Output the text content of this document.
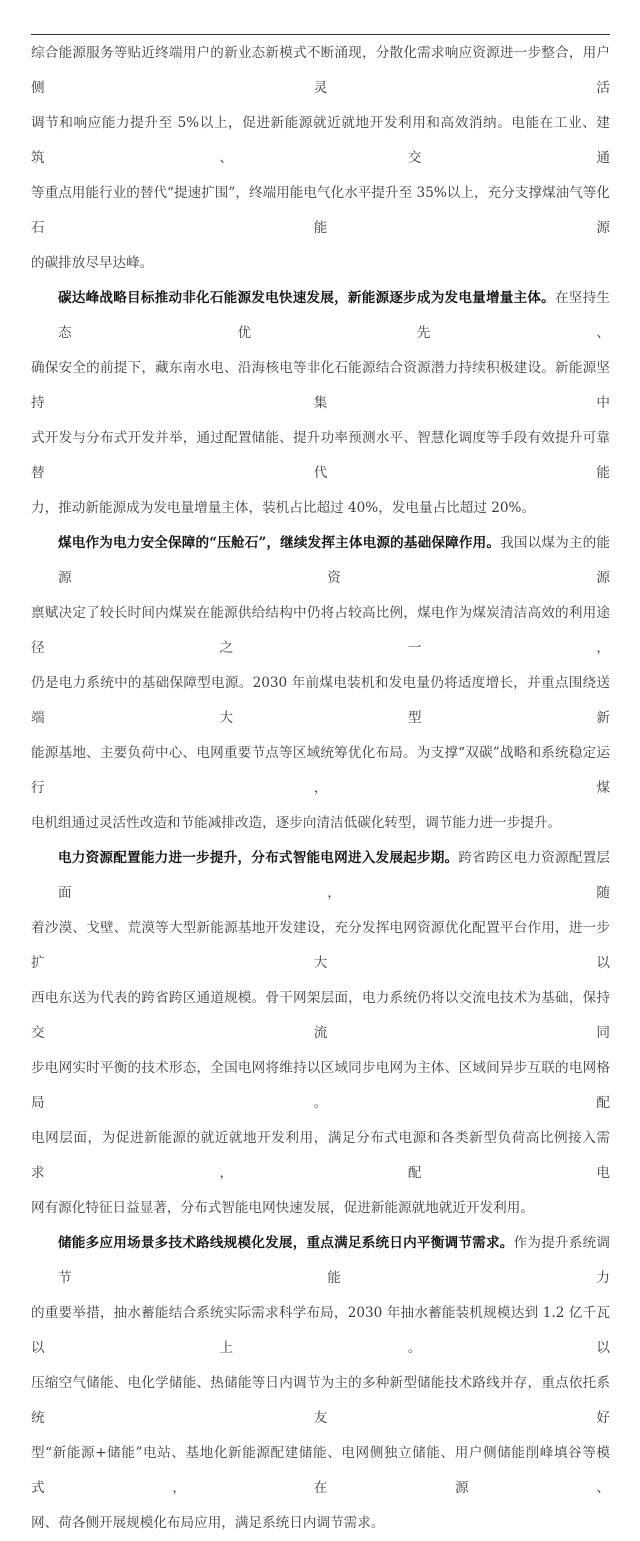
综合能源服务等贴近终端用户的新业态新模式不断涌现，分散化需求响应资源进一步整合，用户侧灵活
调节和响应能力提升至 5%以上，促进新能源就近就地开发利用和高效消纳。电能在工业、建筑、交通
等重点用能行业的替代“提速扩围”，终端用能电气化水平提升至 35%以上，充分支撑煤油气等化石能源
的碳排放尽早达峰。
碳达峰战略目标推动非化石能源发电快速发展，新能源逐步成为发电量增量主体。在坚持生态优先、
确保安全的前提下，藏东南水电、沿海核电等非化石能源结合资源潜力持续积极建设。新能源坚持集中
式开发与分布式开发并举，通过配置储能、提升功率预测水平、智慧化调度等手段有效提升可靠替代能
力，推动新能源成为发电量增量主体，装机占比超过 40%，发电量占比超过 20%。
煤电作为电力安全保障的“压舱石”，继续发挥主体电源的基础保障作用。我国以煤为主的能源资源
禀赋决定了较长时间内煤炭在能源供给结构中仍将占较高比例，煤电作为煤炭清洁高效的利用途径之一，
仍是电力系统中的基础保障型电源。2030 年前煤电装机和发电量仍将适度增长，并重点围绕送端大型新
能源基地、主要负荷中心、电网重要节点等区域统筹优化布局。为支撑“双碳”战略和系统稳定运行，煤
电机组通过灵活性改造和节能减排改造，逐步向清洁低碳化转型，调节能力进一步提升。
电力资源配置能力进一步提升，分布式智能电网进入发展起步期。跨省跨区电力资源配置层面，随
着沙漠、戈壁、荒漠等大型新能源基地开发建设，充分发挥电网资源优化配置平台作用，进一步扩大以
西电东送为代表的跨省跨区通道规模。骨干网架层面，电力系统仍将以交流电技术为基础，保持交流同
步电网实时平衡的技术形态，全国电网将维持以区域同步电网为主体、区域间异步互联的电网格局。配
电网层面，为促进新能源的就近就地开发利用，满足分布式电源和各类新型负荷高比例接入需求，配电
网有源化特征日益显著，分布式智能电网快速发展，促进新能源就地就近开发利用。
储能多应用场景多技术路线规模化发展，重点满足系统日内平衡调节需求。作为提升系统调节能力
的重要举措，抽水蓄能结合系统实际需求科学布局，2030 年抽水蓄能装机规模达到 1.2 亿千瓦以上。以
压缩空气储能、电化学储能、热储能等日内调节为主的多种新型储能技术路线并存，重点依托系统友好
型“新能源+储能”电站、基地化新能源配建储能、电网侧独立储能、用户侧储能削峰填谷等模式，在源、
网、荷各侧开展规模化布局应用，满足系统日内调节需求。
